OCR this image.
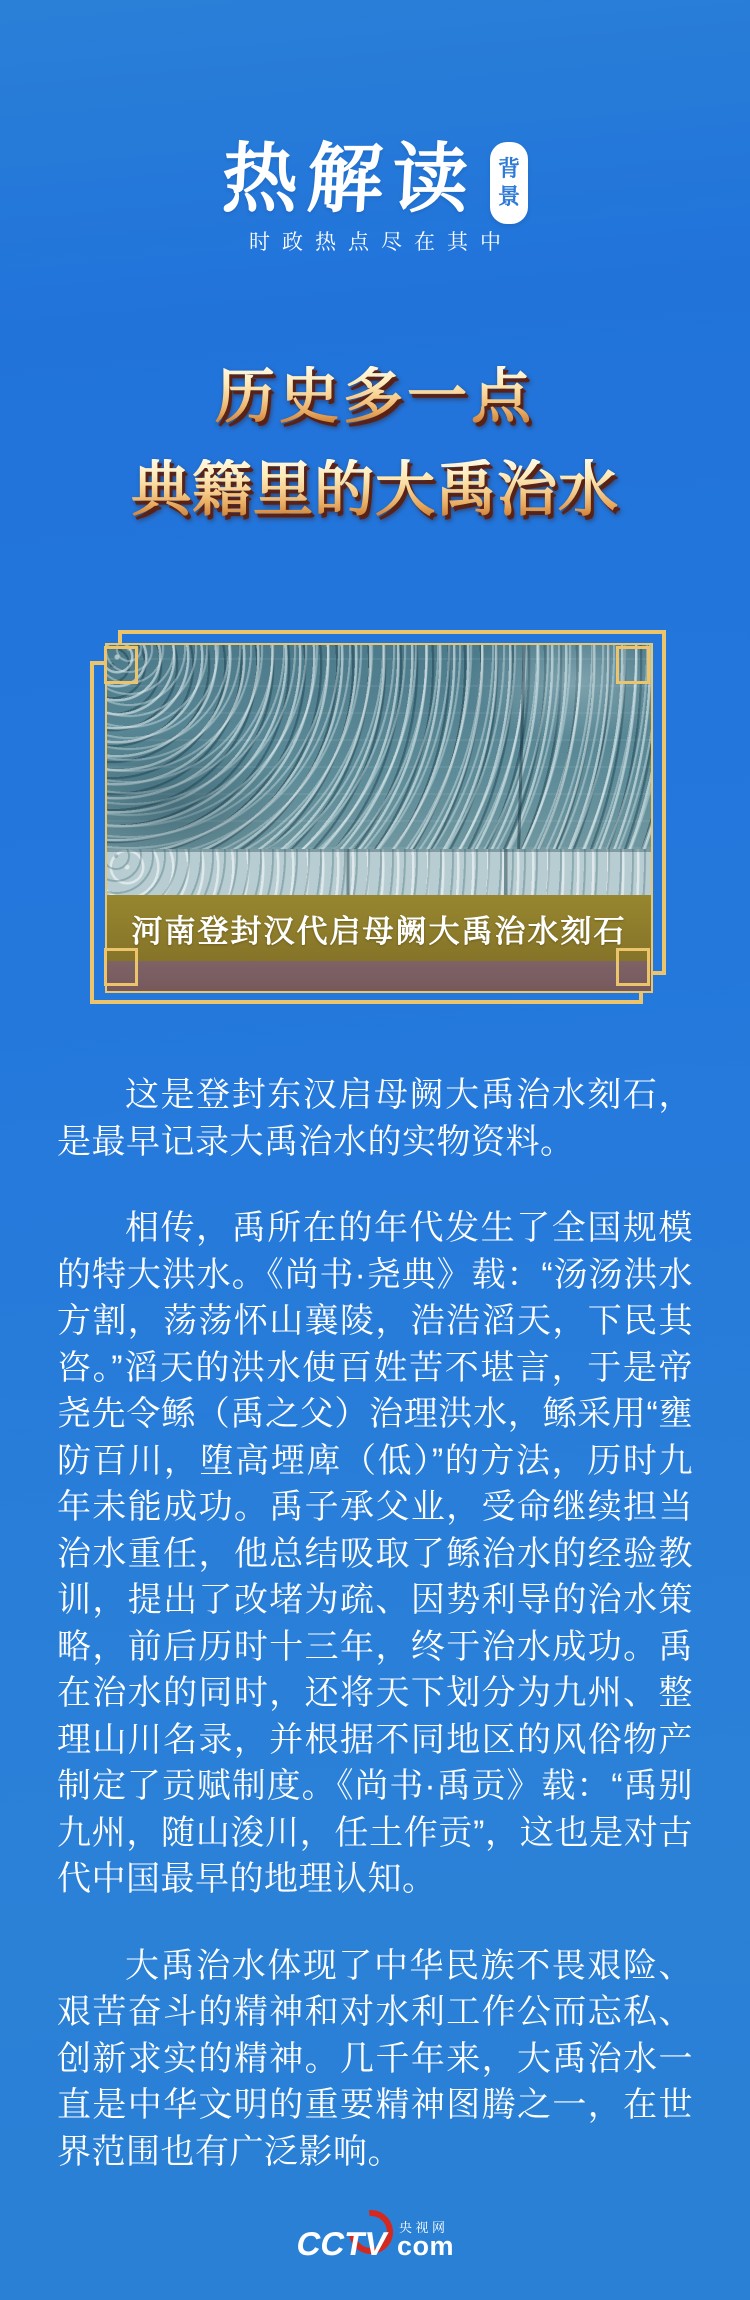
热解读 背
景
时政热点尽在其中
历史多一点
典籍里的大禹治水
河南登封汉代启母阙大禹治水刻石

这是登封东汉启母阙大禹治水刻石，是最早记录大禹治水的实物资料。

相传，禹所在的年代发生了全国规模的特大洪水。《尚书·尧典》载：“汤汤洪水方割，荡荡怀山襄陵，浩浩滔天，下民其咨。”滔天的洪水使百姓苦不堪言，于是帝尧先令鲧（禹之父）治理洪水，鲧采用“壅防百川，堕高堙庳（低）”的方法，历时九年未能成功。禹子承父业，受命继续担当治水重任，他总结吸取了鲧治水的经验教训，提出了改堵为疏、因势利导的治水策略，前后历时十三年，终于治水成功。禹在治水的同时，还将天下划分为九州、整理山川名录，并根据不同地区的风俗物产制定了贡赋制度。《尚书·禹贡》载：“禹别九州，随山浚川，任土作贡”，这也是对古代中国最早的地理认知。

大禹治水体现了中华民族不畏艰险、艰苦奋斗的精神和对水利工作公而忘私、创新求实的精神。几千年来，大禹治水一直是中华文明的重要精神图腾之一，在世界范围也有广泛影响。

CCTV 央视网
com
